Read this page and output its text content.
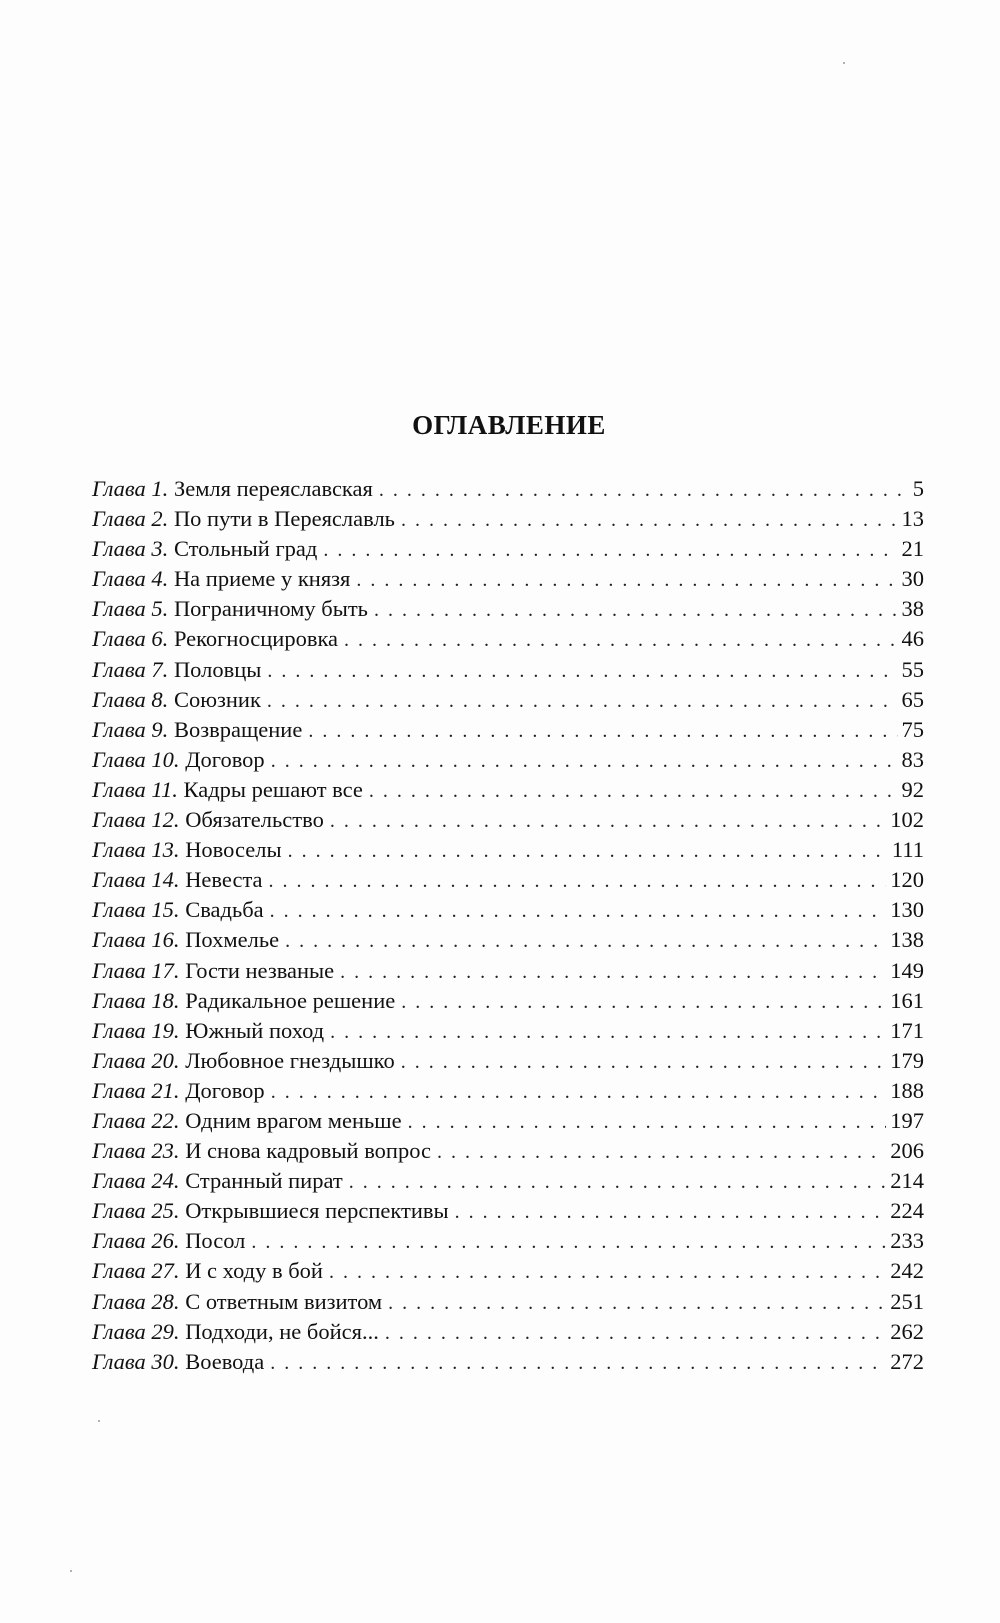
ОГЛАВЛЕНИЕ
Глава 1. Земля переяславская . . .	5
Глава 2. По пути в Переяславль . . .	13
Глава 3. Стольный град . . .	21
Глава 4. На приеме у князя . . .	30
Глава 5. Пограничному быть . . .	38
Глава 6. Рекогносцировка . . .	46
Глава 7. Половцы . . .	55
Глава 8. Союзник . . .	65
Глава 9. Возвращение . . .	75
Глава 10. Договор . . .	83
Глава 11. Кадры решают все . . .	92
Глава 12. Обязательство . . .	102
Глава 13. Новоселы . . .	111
Глава 14. Невеста . . .	120
Глава 15. Свадьба . . .	130
Глава 16. Похмелье . . .	138
Глава 17. Гости незваные . . .	149
Глава 18. Радикальное решение . . .	161
Глава 19. Южный поход . . .	171
Глава 20. Любовное гнездышко . . .	179
Глава 21. Договор . . .	188
Глава 22. Одним врагом меньше . . .	197
Глава 23. И снова кадровый вопрос . . .	206
Глава 24. Странный пират . . .	214
Глава 25. Открывшиеся перспективы . . .	224
Глава 26. Посол . . .	233
Глава 27. И с ходу в бой . . .	242
Глава 28. С ответным визитом . . .	251
Глава 29. Подходи, не бойся... . . .	262
Глава 30. Воевода . . .	272
